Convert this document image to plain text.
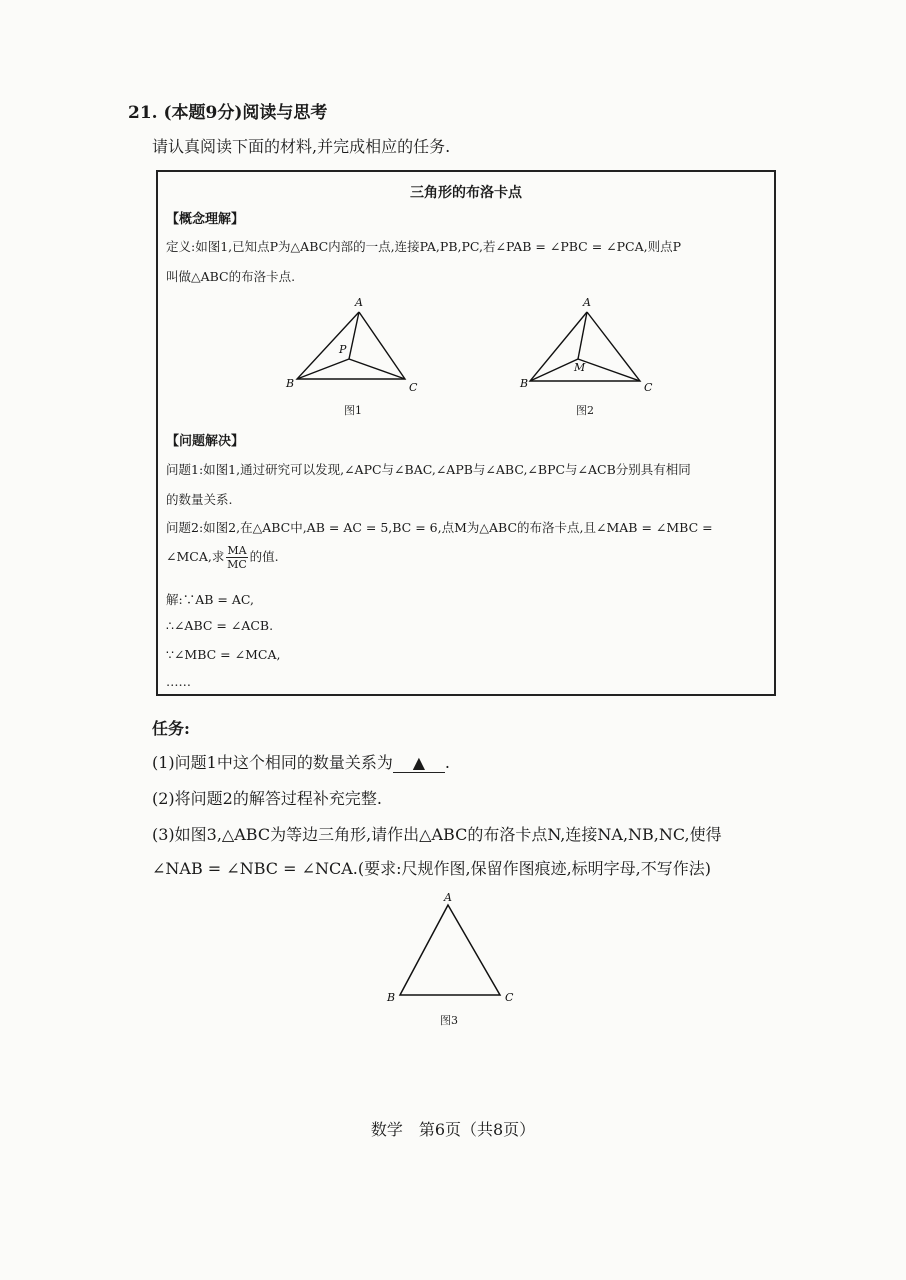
21. (本题9分)阅读与思考
请认真阅读下面的材料,并完成相应的任务.
三角形的布洛卡点
【概念理解】
定义:如图1,已知点P为△ABC内部的一点,连接PA,PB,PC,若∠PAB = ∠PBC = ∠PCA,则点P
叫做△ABC的布洛卡点.
A
B	C
P
A
B	C
M
图1	图2
【问题解决】
问题1:如图1,通过研究可以发现,∠APC与∠BAC,∠APB与∠ABC,∠BPC与∠ACB分别具有相同
的数量关系.
问题2:如图2,在△ABC中,AB = AC = 5,BC = 6,点M为△ABC的布洛卡点,且∠MAB = ∠MBC =
∠MCA,求 $\frac{MA}{MC}$ 的值.
解:∵AB = AC,
∴∠ABC = ∠ACB.
∵∠MBC = ∠MCA,
……
任务:
(1)问题1中这个相同的数量关系为 ▲ .
(2)将问题2的解答过程补充完整.
(3)如图3,△ABC为等边三角形,请作出△ABC的布洛卡点N,连接NA,NB,NC,使得
∠NAB = ∠NBC = ∠NCA.(要求:尺规作图,保留作图痕迹,标明字母,不写作法)
A
B	C
图3
数学　第6页（共8页）
